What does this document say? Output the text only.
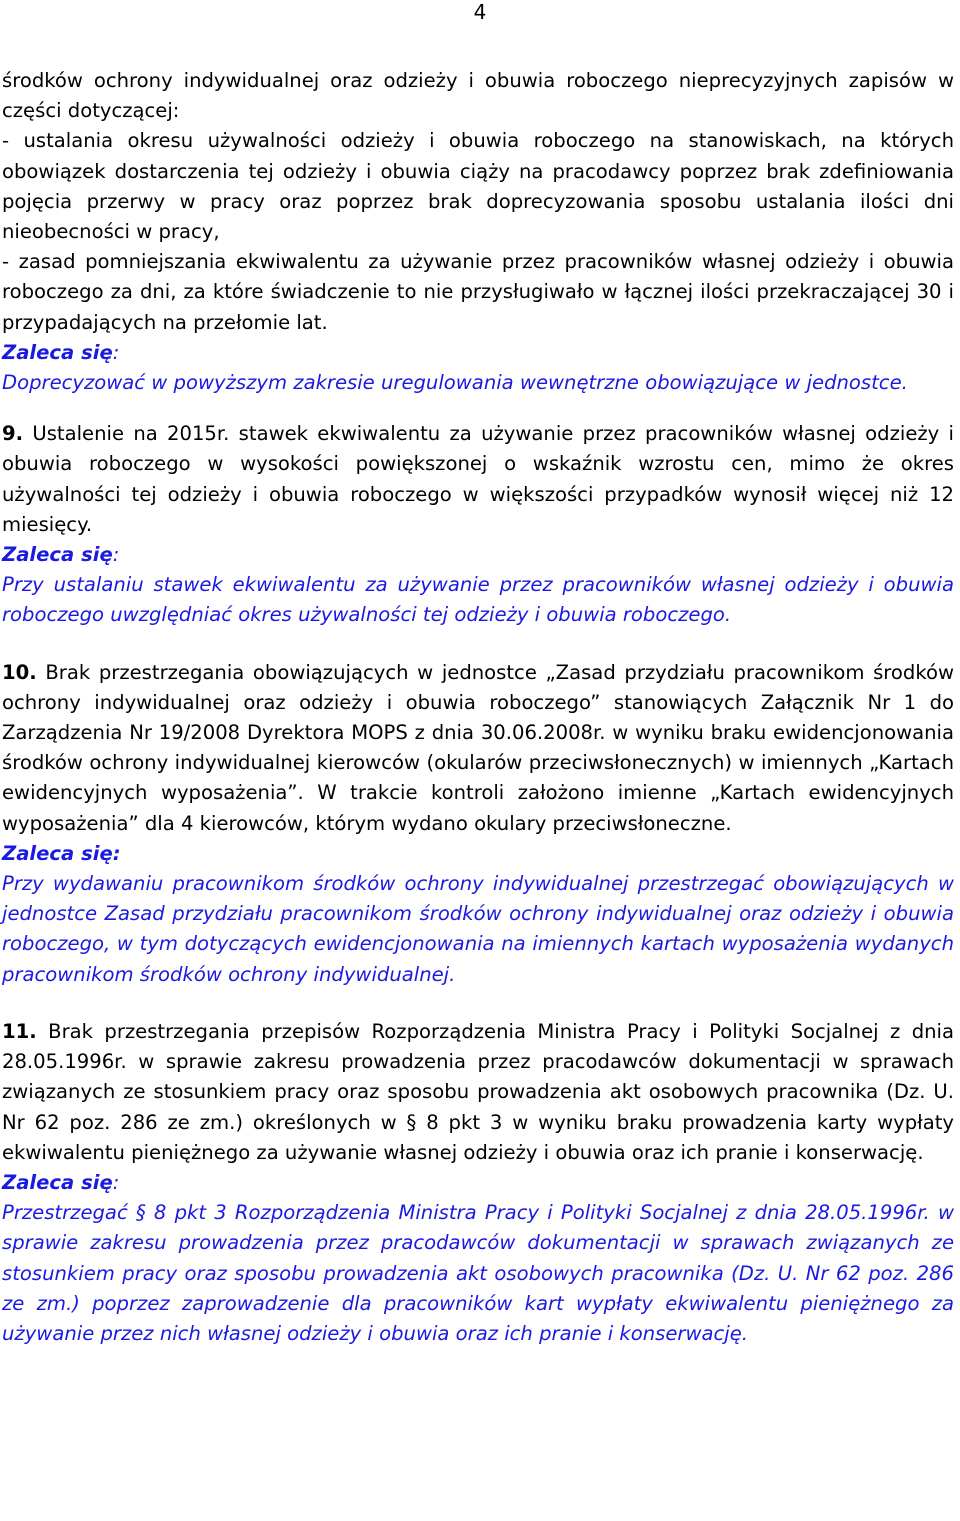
4

środków ochrony indywidualnej oraz odzieży i obuwia roboczego nieprecyzyjnych zapisów w części dotyczącej:

- ustalania okresu używalności odzieży i obuwia roboczego na stanowiskach, na których obowiązek dostarczenia tej odzieży i obuwia ciąży na pracodawcy poprzez brak zdefiniowania pojęcia przerwy w pracy oraz poprzez brak doprecyzowania sposobu ustalania ilości dni nieobecności w pracy,

- zasad pomniejszania ekwiwalentu za używanie przez pracowników własnej odzieży i obuwia roboczego za dni, za które świadczenie to nie przysługiwało w łącznej ilości przekraczającej 30 i przypadających na przełomie lat.

Zaleca się:

Doprecyzować w powyższym zakresie uregulowania wewnętrzne obowiązujące w jednostce.

9. Ustalenie na 2015r. stawek ekwiwalentu za używanie przez pracowników własnej odzieży i obuwia roboczego w wysokości powiększonej o wskaźnik wzrostu cen, mimo że okres używalności tej odzieży i obuwia roboczego w większości przypadków wynosił więcej niż 12 miesięcy.

Zaleca się:

Przy ustalaniu stawek ekwiwalentu za używanie przez pracowników własnej odzieży i obuwia roboczego uwzględniać okres używalności tej odzieży i obuwia roboczego.

10. Brak przestrzegania obowiązujących w jednostce „Zasad przydziału pracownikom środków ochrony indywidualnej oraz odzieży i obuwia roboczego” stanowiących Załącznik Nr 1 do Zarządzenia Nr 19/2008 Dyrektora MOPS z dnia 30.06.2008r. w wyniku braku ewidencjonowania środków ochrony indywidualnej kierowców (okularów przeciwsłonecznych) w imiennych „Kartach ewidencyjnych wyposażenia”. W trakcie kontroli założono imienne „Kartach ewidencyjnych wyposażenia” dla 4 kierowców, którym wydano okulary przeciwsłoneczne.

Zaleca się:

Przy wydawaniu pracownikom środków ochrony indywidualnej przestrzegać obowiązujących w jednostce Zasad przydziału pracownikom środków ochrony indywidualnej oraz odzieży i obuwia roboczego, w tym dotyczących ewidencjonowania na imiennych kartach wyposażenia wydanych pracownikom środków ochrony indywidualnej.

11. Brak przestrzegania przepisów Rozporządzenia Ministra Pracy i Polityki Socjalnej z dnia 28.05.1996r. w sprawie zakresu prowadzenia przez pracodawców dokumentacji w sprawach związanych ze stosunkiem pracy oraz sposobu prowadzenia akt osobowych pracownika (Dz. U. Nr 62 poz. 286 ze zm.) określonych w § 8 pkt 3 w wyniku braku prowadzenia karty wypłaty ekwiwalentu pieniężnego za używanie własnej odzieży i obuwia oraz ich pranie i konserwację.

Zaleca się:

Przestrzegać § 8 pkt 3 Rozporządzenia Ministra Pracy i Polityki Socjalnej z dnia 28.05.1996r. w sprawie zakresu prowadzenia przez pracodawców dokumentacji w sprawach związanych ze stosunkiem pracy oraz sposobu prowadzenia akt osobowych pracownika (Dz. U. Nr 62 poz. 286 ze zm.) poprzez zaprowadzenie dla pracowników kart wypłaty ekwiwalentu pieniężnego za używanie przez nich własnej odzieży i obuwia oraz ich pranie i konserwację.
